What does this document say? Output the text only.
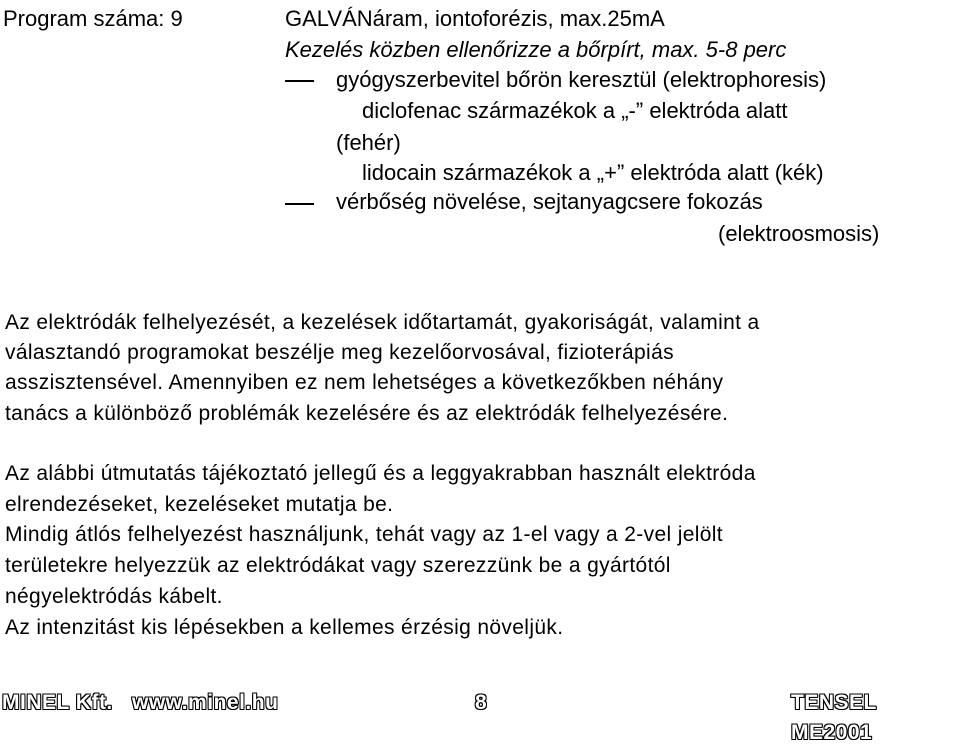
Program száma: 9	GALVÁNáram, iontoforézis, max.25mA
Kezelés közben ellenőrizze a bőrpírt, max. 5-8 perc
gyógyszerbevitel bőrön keresztül (elektrophoresis)
diclofenac származékok a „-” elektróda alatt
(fehér)
lidocain származékok a „+” elektróda alatt (kék)
vérbőség növelése, sejtanyagcsere fokozás
(elektroosmosis)
Az elektródák felhelyezését, a kezelések időtartamát, gyakoriságát, valamint a
választandó programokat beszélje meg kezelőorvosával, fizioterápiás
asszisztensével. Amennyiben ez nem lehetséges a következőkben néhány
tanács a különböző problémák kezelésére és az elektródák felhelyezésére.
Az alábbi útmutatás tájékoztató jellegű és a leggyakrabban használt elektróda
elrendezéseket, kezeléseket mutatja be.
Mindig átlós felhelyezést használjunk, tehát vagy az 1-el vagy a 2-vel jelölt
területekre helyezzük az elektródákat vagy szerezzünk be a gyártótól
négyelektródás kábelt.
Az intenzitást kis lépésekben a kellemes érzésig növeljük.
MINEL Kft. www.minel.hu	8	TENSEL ME2001
